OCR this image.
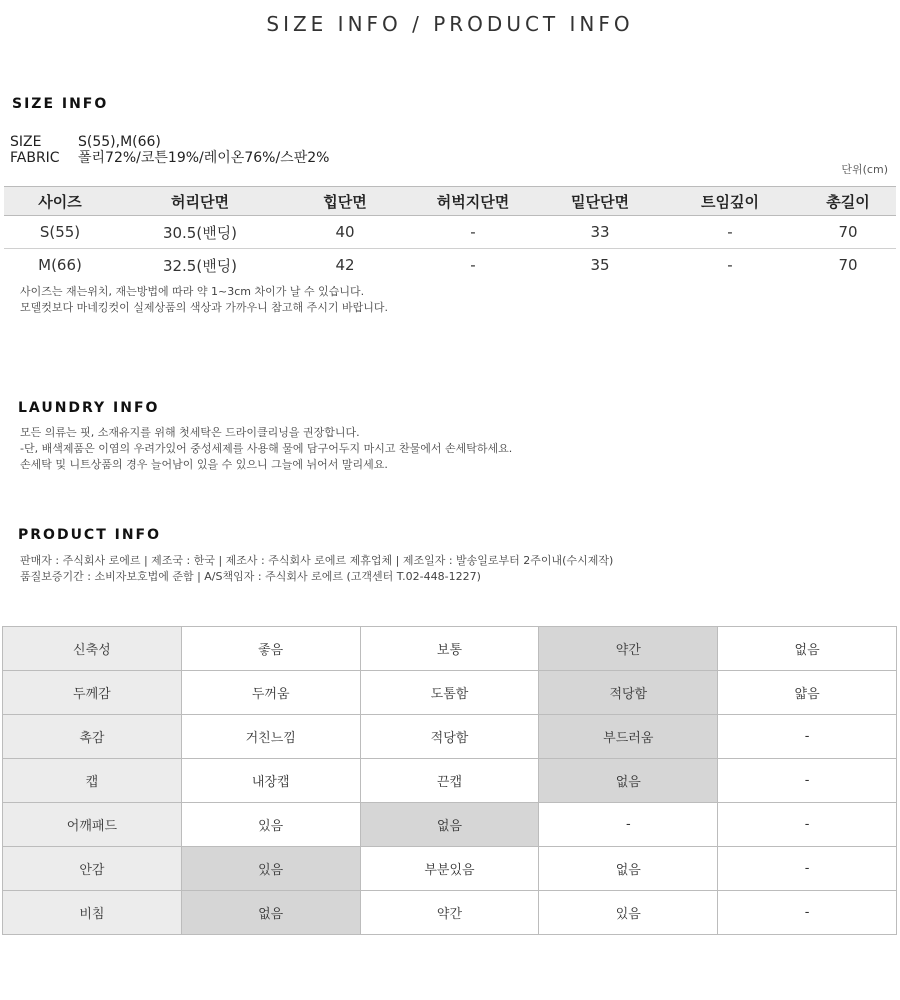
SIZE INFO / PRODUCT INFO
SIZE INFO
SIZE	S(55),M(66)
FABRIC 폴리72%/코튼19%/레이온76%/스판2%
단위(cm)
사이즈	허리단면	힙단면	허벅지단면	밑단단면	트임깊이	총길이
S(55)	30.5(밴딩)	40	-	33	-	70
M(66)	32.5(밴딩)	42	-	35	-	70
사이즈는 재는위치, 재는방법에 따라 약 1~3cm 차이가 날 수 있습니다.
모델컷보다 마네킹컷이 실제상품의 색상과 가까우니 참고해 주시기 바랍니다.
LAUNDRY INFO
모든 의류는 핏, 소재유지를 위해 첫세탁은 드라이클리닝을 권장합니다.
-단, 배색제품은 이염의 우려가있어 중성세제를 사용해 물에 담구어두지 마시고 찬물에서 손세탁하세요.
손세탁 및 니트상품의 경우 늘어남이 있을 수 있으니 그늘에 뉘어서 말리세요.
PRODUCT INFO
판매자 : 주식회사 로에르 | 제조국 : 한국 | 제조사 : 주식회사 로에르 제휴업체 | 제조일자 : 발송일로부터 2주이내(수시제작)
품질보증기간 : 소비자보호법에 준함 | A/S책임자 : 주식회사 로에르 (고객센터 T.02-448-1227)
신축성	좋음	보통	약간	없음
두께감	두꺼움	도톰함	적당함	얇음
촉감	거친느낌	적당함	부드러움	-
캡	내장캡	끈캡	없음	-
어깨패드	있음	없음	-	-
안감	있음	부분있음	없음	-
비침	없음	약간	있음	-
